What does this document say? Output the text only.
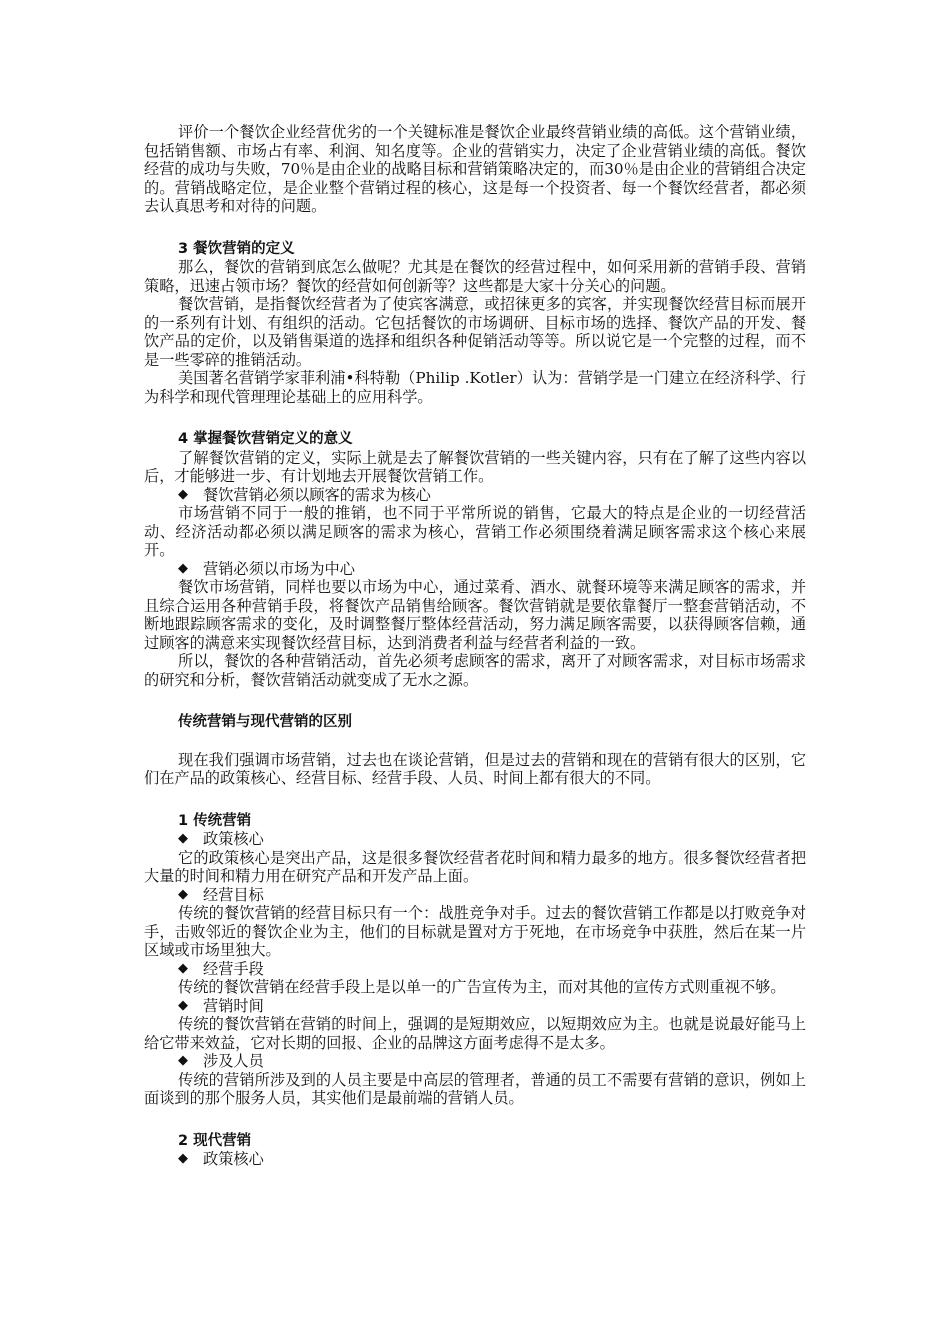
评价一个餐饮企业经营优劣的一个关键标准是餐饮企业最终营销业绩的高低。这个营销业绩，包括销售额、市场占有率、利润、知名度等。企业的营销实力，决定了企业营销业绩的高低。餐饮经营的成功与失败，70％是由企业的战略目标和营销策略决定的，而30％是由企业的营销组合决定的。营销战略定位，是企业整个营销过程的核心，这是每一个投资者、每一个餐饮经营者，都必须去认真思考和对待的问题。

3 餐饮营销的定义

那么，餐饮的营销到底怎么做呢？尤其是在餐饮的经营过程中，如何采用新的营销手段、营销策略，迅速占领市场？餐饮的经营如何创新等？这些都是大家十分关心的问题。

餐饮营销，是指餐饮经营者为了使宾客满意，或招徕更多的宾客，并实现餐饮经营目标而展开的一系列有计划、有组织的活动。它包括餐饮的市场调研、目标市场的选择、餐饮产品的开发、餐饮产品的定价，以及销售渠道的选择和组织各种促销活动等等。所以说它是一个完整的过程，而不是一些零碎的推销活动。

美国著名营销学家菲利浦•科特勒（Philip .Kotler）认为：营销学是一门建立在经济科学、行为科学和现代管理理论基础上的应用科学。

4 掌握餐饮营销定义的意义

了解餐饮营销的定义，实际上就是去了解餐饮营销的一些关键内容，只有在了解了这些内容以后，才能够进一步、有计划地去开展餐饮营销工作。

◆ 餐饮营销必须以顾客的需求为核心

市场营销不同于一般的推销，也不同于平常所说的销售，它最大的特点是企业的一切经营活动、经济活动都必须以满足顾客的需求为核心，营销工作必须围绕着满足顾客需求这个核心来展开。

◆ 营销必须以市场为中心

餐饮市场营销，同样也要以市场为中心，通过菜肴、酒水、就餐环境等来满足顾客的需求，并且综合运用各种营销手段，将餐饮产品销售给顾客。餐饮营销就是要依靠餐厅一整套营销活动，不断地跟踪顾客需求的变化，及时调整餐厅整体经营活动，努力满足顾客需要，以获得顾客信赖，通过顾客的满意来实现餐饮经营目标，达到消费者利益与经营者利益的一致。

所以，餐饮的各种营销活动，首先必须考虑顾客的需求，离开了对顾客需求，对目标市场需求的研究和分析，餐饮营销活动就变成了无水之源。

传统营销与现代营销的区别

现在我们强调市场营销，过去也在谈论营销，但是过去的营销和现在的营销有很大的区别，它们在产品的政策核心、经营目标、经营手段、人员、时间上都有很大的不同。

1 传统营销

◆ 政策核心

它的政策核心是突出产品，这是很多餐饮经营者花时间和精力最多的地方。很多餐饮经营者把大量的时间和精力用在研究产品和开发产品上面。

◆ 经营目标

传统的餐饮营销的经营目标只有一个：战胜竞争对手。过去的餐饮营销工作都是以打败竞争对手，击败邻近的餐饮企业为主，他们的目标就是置对方于死地，在市场竞争中获胜，然后在某一片区域或市场里独大。

◆ 经营手段

传统的餐饮营销在经营手段上是以单一的广告宣传为主，而对其他的宣传方式则重视不够。

◆ 营销时间

传统的餐饮营销在营销的时间上，强调的是短期效应，以短期效应为主。也就是说最好能马上给它带来效益，它对长期的回报、企业的品牌这方面考虑得不是太多。

◆ 涉及人员

传统的营销所涉及到的人员主要是中高层的管理者，普通的员工不需要有营销的意识，例如上面谈到的那个服务人员，其实他们是最前端的营销人员。

2 现代营销

◆ 政策核心
